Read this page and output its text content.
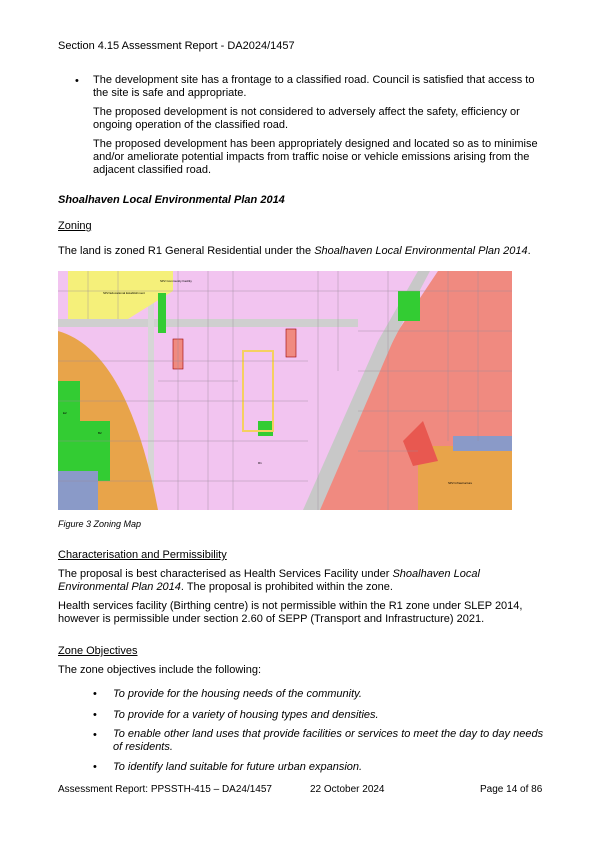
Section 4.15 Assessment Report - DA2024/1457
• The development site has a frontage to a classified road. Council is satisfied that access to
the site is safe and appropriate.
The proposed development is not considered to adversely affect the safety, efficiency or
ongoing operation of the classified road.
The proposed development has been appropriately designed and located so as to minimise
and/or ameliorate potential impacts from traffic noise or vehicle emissions arising from the
adjacent classified road.
Shoalhaven Local Environmental Plan 2014
Zoning
The land is zoned R1 General Residential under the Shoalhaven Local Environmental Plan 2014.
SP2 Educational Establishment
SP2 Community Facility
B2
SP2 Infrastructure
E2
R1
Figure 3 Zoning Map
Characterisation and Permissibility
The proposal is best characterised as Health Services Facility under Shoalhaven Local
Environmental Plan 2014. The proposal is prohibited within the zone.
Health services facility (Birthing centre) is not permissible within the R1 zone under SLEP 2014,
however is permissible under section 2.60 of SEPP (Transport and Infrastructure) 2021.
Zone Objectives
The zone objectives include the following:
• To provide for the housing needs of the community.
• To provide for a variety of housing types and densities.
• To enable other land uses that provide facilities or services to meet the day to day needs
of residents.
• To identify land suitable for future urban expansion.
Assessment Report: PPSSTH-415 – DA24/1457	22 October 2024	Page 14 of 86
